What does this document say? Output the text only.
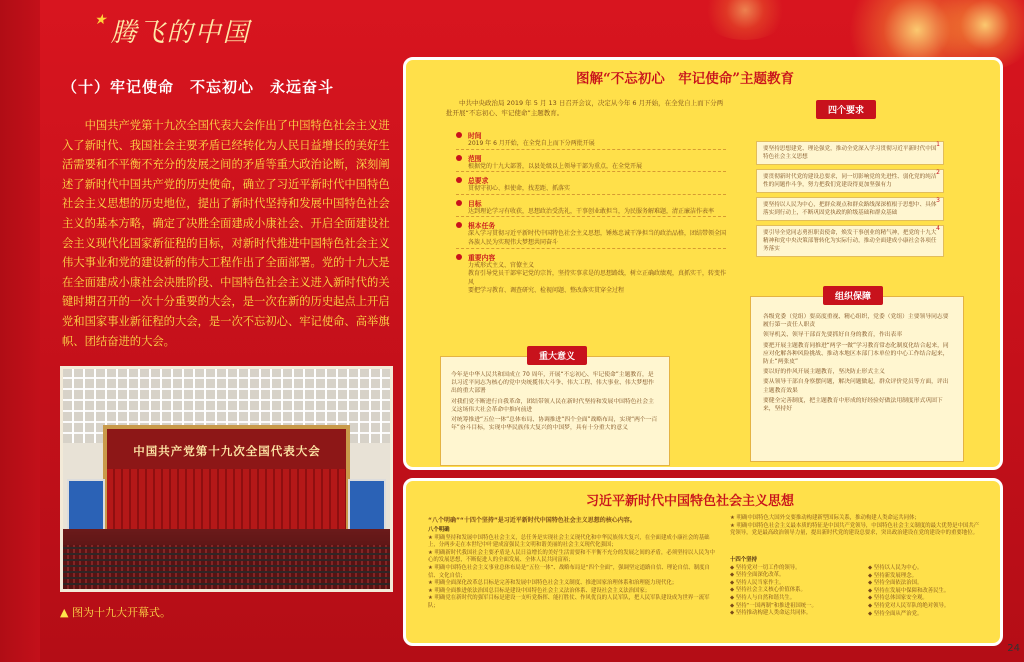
★腾飞的中国
（十）牢记使命　不忘初心　永远奋斗

中国共产党第十九次全国代表大会作出了中国特色社会主义进入了新时代、我国社会主要矛盾已经转化为人民日益增长的美好生活需要和不平衡不充分的发展之间的矛盾等重大政治论断，深刻阐述了新时代中国共产党的历史使命，确立了习近平新时代中国特色社会主义思想的历史地位，提出了新时代坚持和发展中国特色社会主义的基本方略，确定了决胜全面建成小康社会、开启全面建设社会主义现代化国家新征程的目标，对新时代推进中国特色社会主义伟大事业和党的建设新的伟大工程作出了全面部署。党的十九大是在全面建成小康社会决胜阶段、中国特色社会主义进入新时代的关键时期召开的一次十分重要的大会，是一次在新的历史起点上开启党和国家事业新征程的大会，是一次不忘初心、牢记使命、高举旗帜、团结奋进的大会。

中国共产党第十九次全国代表大会
▲ 图为十九大开幕式。
图解“不忘初心　牢记使命”主题教育

中共中央政治局 2019 年 5 月 13 日召开会议，决定从今年 6 月开始，在全党自上而下分两批开展“不忘初心、牢记使命”主题教育。

时间
2019 年 6 月开始，在全党自上而下分两批开展
范围
根据党的十九大部署，以县处级以上领导干部为重点，在全党开展
总要求
贯彻守初心、担使命，找差距、抓落实
目标
达到理论学习有收获，思想政治受洗礼，干事创业敢担当，为民服务解难题，清正廉洁作表率
根本任务
深入学习贯彻习近平新时代中国特色社会主义思想，锤炼忠诚干净担当的政治品格，团结带领全国各族人民为实现伟大梦想共同奋斗
重要内容
力戒形式主义、官僚主义
教育引导党员干部牢记党的宗旨，坚持实事求是的思想路线，树立正确政绩观，真抓实干，转变作风
要把学习教育、调查研究、检视问题、整改落实贯穿全过程
四个要求
1
要坚持思想建党、理论强党，推动全党深入学习贯彻习近平新时代中国特色社会主义思想
2
要贯彻新时代党的建设总要求，同一切影响党的先进性、弱化党的纯洁性的问题作斗争，努力把我们党建设得更加坚强有力
3
要坚持以人民为中心，把群众观点和群众路线深深植根于思想中、具体落实到行动上，不断巩固党执政的阶级基础和群众基础
4
要引导全党同志勇担职责使命，焕发干事创业的精气神，把党的十九大精神和党中央决策部署转化为实际行动，推动全面建成小康社会各项任务落实
重大意义

今年是中华人民共和国成立 70 周年，开展“不忘初心、牢记使命”主题教育，是以习近平同志为核心的党中央统揽伟大斗争、伟大工程、伟大事业、伟大梦想作出的重大部署

对我们党不断进行自我革命，团结带领人民在新时代坚持和发展中国特色社会主义这场伟大社会革命中推向前进

对统筹推进“五位一体”总体布局、协调推进“四个全面”战略布局，实现“两个一百年”奋斗目标，实现中华民族伟大复兴的中国梦，具有十分重大的意义

组织保障

各级党委（党组）要高度重视、精心组织，党委（党组）主要领导同志要履行第一责任人职责

领导机关、领导干部首先要抓好自身的教育，作出表率

要把开展主题教育同推进“两学一做”学习教育常态化制度化结合起来，同应对化解各种风险挑战、推动本地区本部门本单位的中心工作结合起来，防止“两张皮”

要以好的作风开展主题教育，坚决防止形式主义

要从领导干部自身察摆问题，解决问题做起，群众评价党员等方面，评出主题教育效果

要健全完善制度，把主题教育中形成的好经验好做法用制度形式巩固下来，坚持好

习近平新时代中国特色社会主义思想
“八个明确”“十四个坚持”是习近平新时代中国特色社会主义思想的核心内容。
八个明确
★ 明确坚持和发展中国特色社会主义，总任务是实现社会主义现代化和中华民族伟大复兴，在全面建成小康社会的基础上，分两步走在本世纪中叶建成富强民主文明和谐美丽的社会主义现代化强国；
★ 明确新时代我国社会主要矛盾是人民日益增长的美好生活需要和不平衡不充分的发展之间的矛盾，必须坚持以人民为中心的发展思想，不断促进人的全面发展、全体人民共同富裕；
★ 明确中国特色社会主义事业总体布局是“五位一体”、战略布局是“四个全面”，强调坚定道路自信、理论自信、制度自信、文化自信；
★ 明确全面深化改革总目标是完善和发展中国特色社会主义制度、推进国家治理体系和治理能力现代化；
★ 明确全面推进依法治国总目标是建设中国特色社会主义法治体系、建设社会主义法治国家；
★ 明确党在新时代的强军目标是建设一支听党指挥、能打胜仗、作风优良的人民军队，把人民军队建设成为世界一流军队；
★ 明确中国特色大国外交要推动构建新型国际关系，推动构建人类命运共同体；
★ 明确中国特色社会主义最本质的特征是中国共产党领导，中国特色社会主义制度的最大优势是中国共产党领导，党是最高政治领导力量，提出新时代党的建设总要求，突出政治建设在党的建设中的重要地位。
十四个坚持
◆ 坚持党对一切工作的领导。
◆ 坚持全面深化改革。
◆ 坚持人民当家作主。
◆ 坚持社会主义核心价值体系。
◆ 坚持人与自然和谐共生。
◆ 坚持“一国两制”和推进祖国统一。
◆ 坚持推动构建人类命运共同体。
◆ 坚持以人民为中心。
◆ 坚持新发展理念。
◆ 坚持全面依法治国。
◆ 坚持在发展中保障和改善民生。
◆ 坚持总体国家安全观。
◆ 坚持党对人民军队的绝对领导。
◆ 坚持全面从严治党。
24
